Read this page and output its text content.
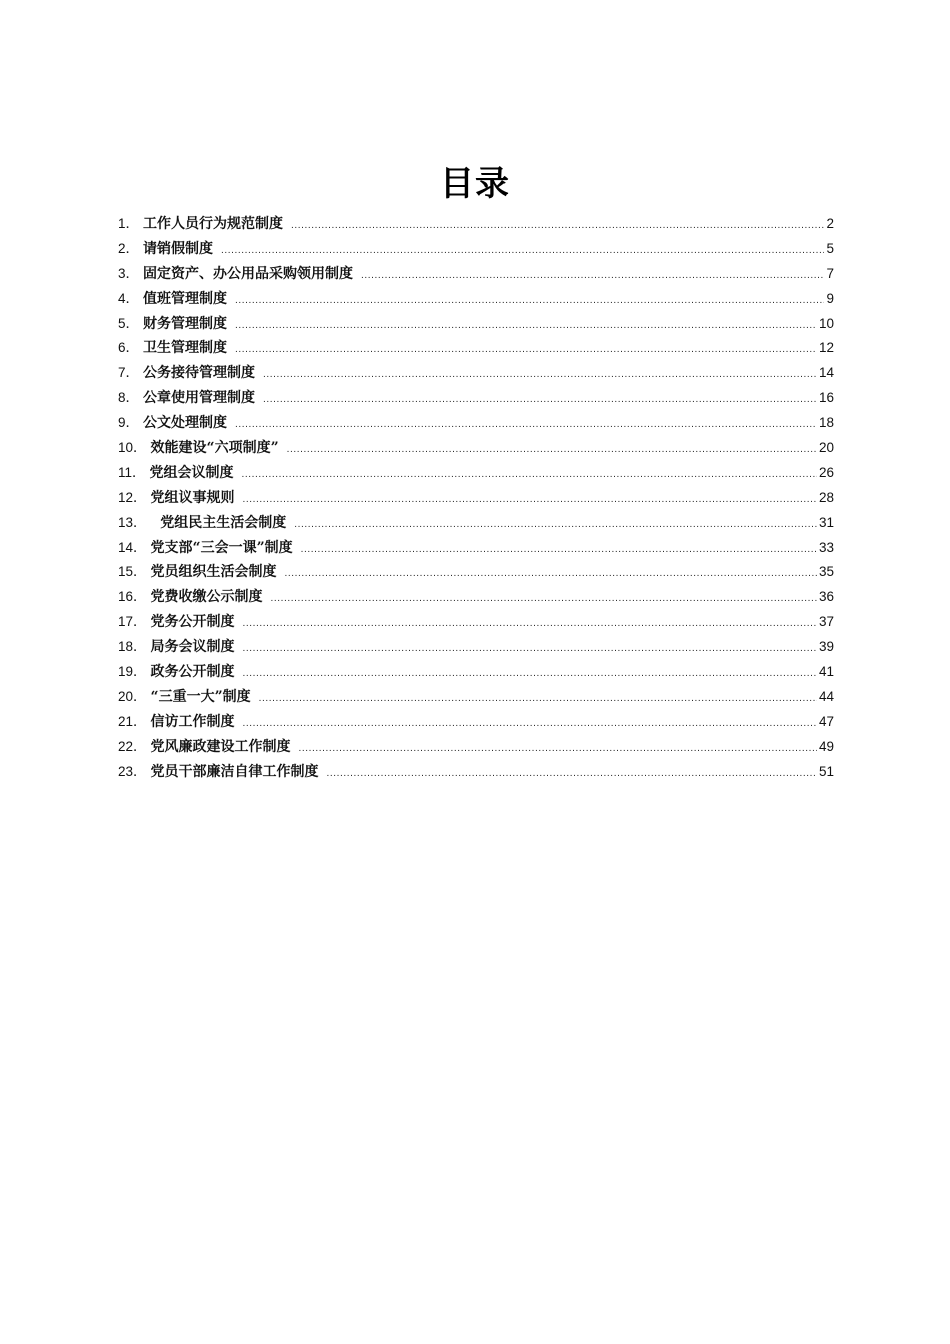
目录
1． 工作人员行为规范制度 .....	2
2． 请销假制度 .....	5
3． 固定资产、办公用品采购领用制度 .....	7
4． 值班管理制度 .....	9
5． 财务管理制度 .....	10
6． 卫生管理制度 .....	12
7． 公务接待管理制度 .....	14
8． 公章使用管理制度 .....	16
9． 公文处理制度 .....	18
10． 效能建设“六项制度” .....	20
11． 党组会议制度 .....	26
12． 党组议事规则 .....	28
13． 党组民主生活会制度 .....	31
14． 党支部“三会一课”制度 .....	33
15． 党员组织生活会制度 .....	35
16． 党费收缴公示制度 .....	36
17． 党务公开制度 .....	37
18． 局务会议制度 .....	39
19． 政务公开制度 .....	41
20． “三重一大”制度 .....	44
21． 信访工作制度 .....	47
22． 党风廉政建设工作制度 .....	49
23． 党员干部廉洁自律工作制度 .....	51
